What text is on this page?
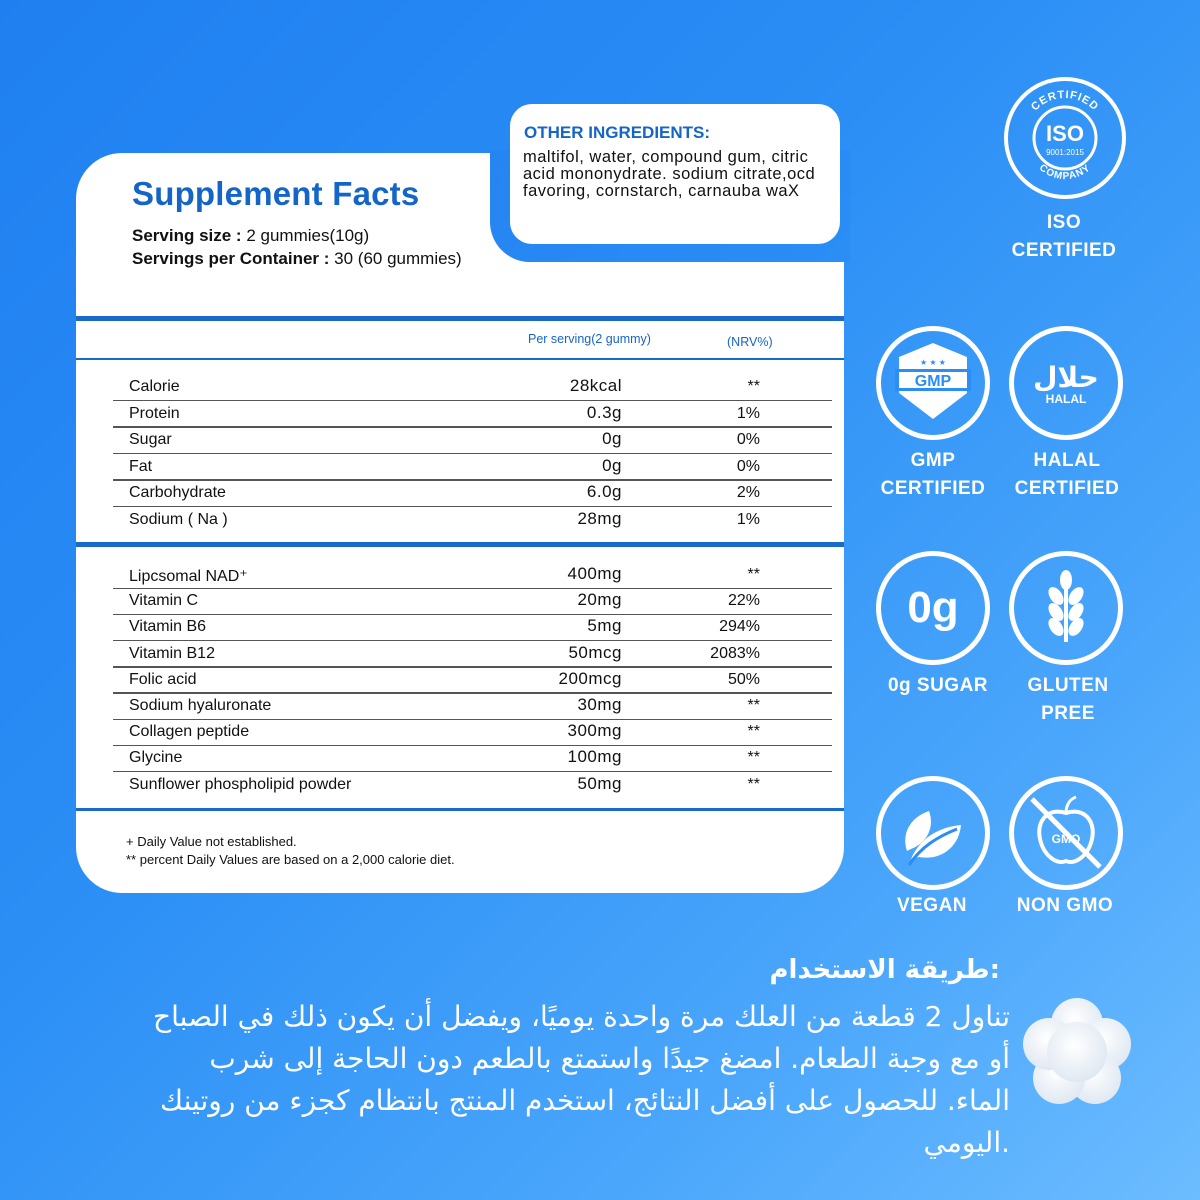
OTHER INGREDIENTS:
maltifol, water, compound gum, citric acid mononydrate. sodium citrate,ocd favoring, cornstarch, carnauba waX
Supplement Facts
Serving size : 2 gummies(10g)
Servings per Container : 30 (60 gummies)
Per serving(2 gummy)	(NRV%)
Calorie	28kcal	**
Protein	0.3g	1%
Sugar	0g	0%
Fat	0g	0%
Carbohydrate	6.0g	2%
Sodium ( Na )	28mg	1%
Lipcsomal NAD⁺	400mg	**
Vitamin C	20mg	22%
Vitamin B6	5mg	294%
Vitamin B12	50mcg	2083%
Folic acid	200mcg	50%
Sodium hyaluronate	30mg	**
Collagen peptide	300mg	**
Glycine	100mg	**
Sunflower phospholipid powder	50mg	**
+ Daily Value not established.
** percent Daily Values are based on a 2,000 calorie diet.
CERTIFIED
COMPANY
ISO
9001:2015
ISO
CERTIFIED
GMP
★ ★ ★
GMP
CERTIFIED
حلال
HALAL
HALAL
CERTIFIED
0g
0g SUGAR	GLUTEN
PREE
VEGAN
GMO
NON GMO
:طريقة الاستخدام
تناول 2 قطعة من العلك مرة واحدة يوميًا، ويفضل أن يكون ذلك في الصباح
أو مع وجبة الطعام. امضغ جيدًا واستمتع بالطعم دون الحاجة إلى شرب
الماء. للحصول على أفضل النتائج، استخدم المنتج بانتظام كجزء من روتينك
.اليومي
